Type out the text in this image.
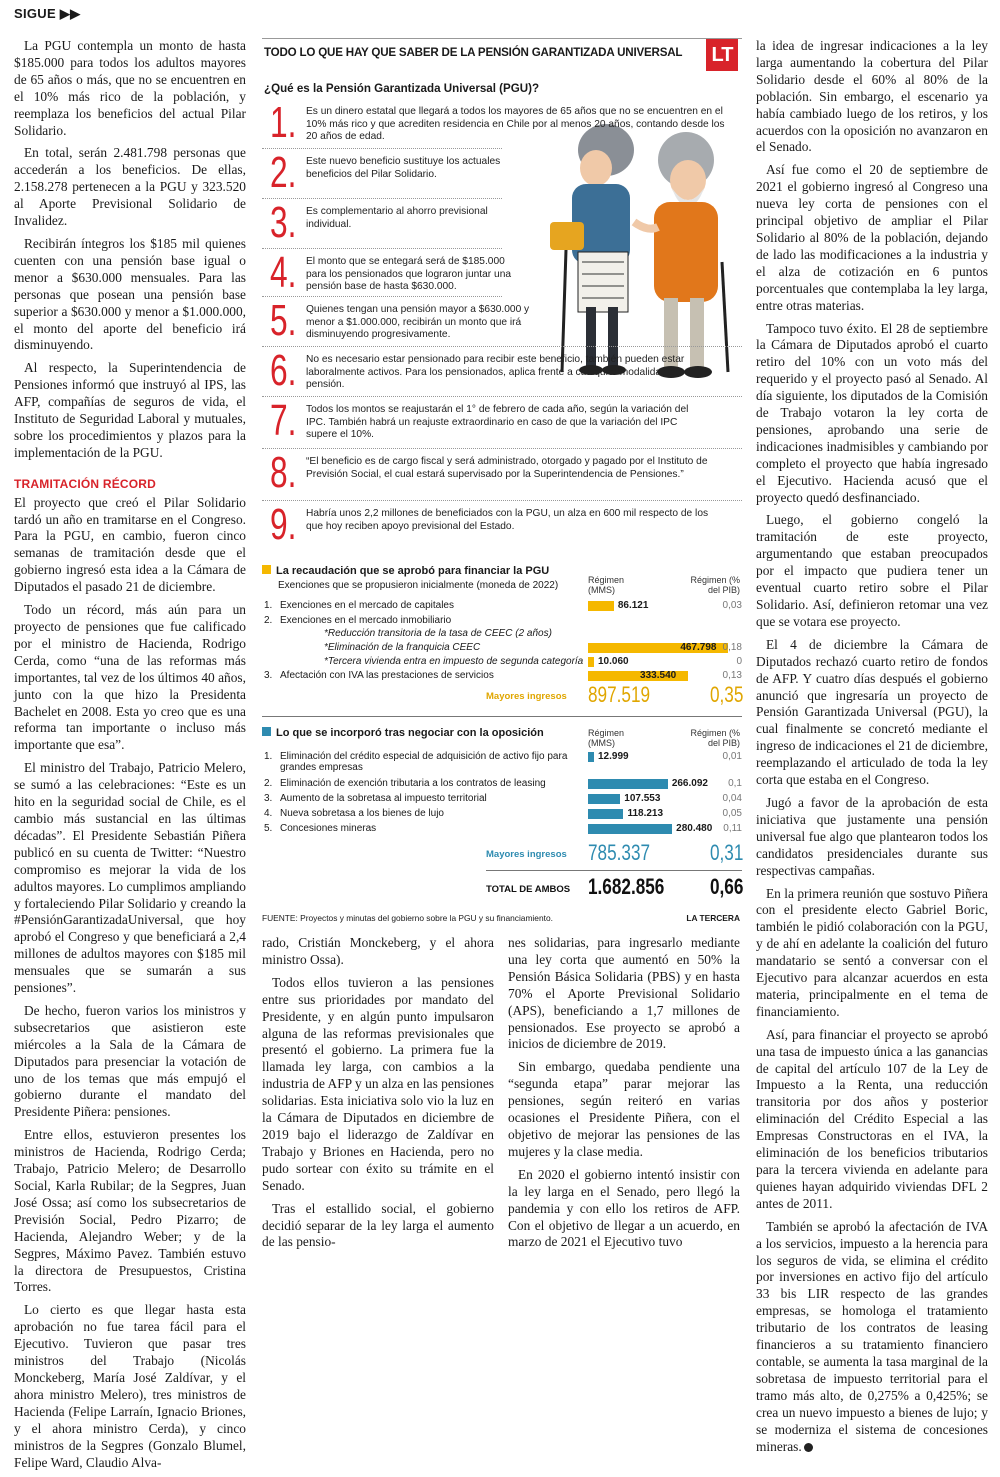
SIGUE ▶▶

La PGU contempla un monto de hasta $185.000 para todos los adultos mayores de 65 años o más, que no se encuentren en el 10% más rico de la población, y reemplaza los beneficios del actual Pilar Solidario.

En total, serán 2.481.798 personas que accederán a los beneficios. De ellas, 2.158.278 pertenecen a la PGU y 323.520 al Aporte Previsional Solidario de Invalidez.

Recibirán íntegros los $185 mil quienes cuenten con una pensión base igual o menor a $630.000 mensuales. Para las personas que posean una pensión base superior a $630.000 y menor a $1.000.000, el monto del aporte del beneficio irá disminuyendo.

Al respecto, la Superintendencia de Pensiones informó que instruyó al IPS, las AFP, compañías de seguros de vida, el Instituto de Seguridad Laboral y mutuales, sobre los procedimientos y plazos para la implementación de la PGU.

TRAMITACIÓN RÉCORD

El proyecto que creó el Pilar Solidario tardó un año en tramitarse en el Congreso. Para la PGU, en cambio, fueron cinco semanas de tramitación desde que el gobierno ingresó esta idea a la Cámara de Diputados el pasado 21 de diciembre.

Todo un récord, más aún para un proyecto de pensiones que fue calificado por el ministro de Hacienda, Rodrigo Cerda, como “una de las reformas más importantes, tal vez de los últimos 40 años, junto con la que hizo la Presidenta Bachelet en 2008. Esta yo creo que es una reforma tan importante o incluso más importante que esa”.

El ministro del Trabajo, Patricio Melero, se sumó a las celebraciones: “Este es un hito en la seguridad social de Chile, es el cambio más sustancial en las últimas décadas”. El Presidente Sebastián Piñera publicó en su cuenta de Twitter: “Nuestro compromiso es mejorar la vida de los adultos mayores. Lo cumplimos ampliando y fortaleciendo Pilar Solidario y creando la #PensiónGarantizadaUniversal, que hoy aprobó el Congreso y que beneficiará a 2,4 millones de adultos mayores con $185 mil mensuales que se sumarán a sus pensiones”.

De hecho, fueron varios los ministros y subsecretarios que asistieron este miércoles a la Sala de la Cámara de Diputados para presenciar la votación de uno de los temas que más empujó el gobierno durante el mandato del Presidente Piñera: pensiones.

Entre ellos, estuvieron presentes los ministros de Hacienda, Rodrigo Cerda; Trabajo, Patricio Melero; de Desarrollo Social, Karla Rubilar; de la Segpres, Juan José Ossa; así como los subsecretarios de Previsión Social, Pedro Pizarro; de Hacienda, Alejandro Weber; y de la Segpres, Máximo Pavez. También estuvo la directora de Presupuestos, Cristina Torres.

Lo cierto es que llegar hasta esta aprobación no fue tarea fácil para el Ejecutivo. Tuvieron que pasar tres ministros del Trabajo (Nicolás Monckeberg, María José Zaldívar, y el ahora ministro Melero), tres ministros de Hacienda (Felipe Larraín, Ignacio Briones, y el ahora ministro Cerda), y cinco ministros de la Segpres (Gonzalo Blumel, Felipe Ward, Claudio Alva-

TODO LO QUE HAY QUE SABER DE LA PENSIÓN GARANTIZADA UNIVERSAL LT
¿Qué es la Pensión Garantizada Universal (PGU)?
1. Es un dinero estatal que llegará a todos los mayores de 65 años que no se encuentren en el 10% más rico y que acrediten residencia en Chile por al menos 20 años, contando desde los 20 años de edad.
2. Este nuevo beneficio sustituye los actuales beneficios del Pilar Solidario.
3. Es complementario al ahorro previsional individual.
4. El monto que se entegará será de $185.000 para los pensionados que lograron juntar una pensión base de hasta $630.000.
5. Quienes tengan una pensión mayor a $630.000 y menor a $1.000.000, recibirán un monto que irá disminuyendo progresivamente.
6. No es necesario estar pensionado para recibir este beneficio, también pueden estar laboralmente activos. Para los pensionados, aplica frente a cualquier modalidad de pensión.
7. Todos los montos se reajustarán el 1° de febrero de cada año, según la variación del IPC. También habrá un reajuste extraordinario en caso de que la variación del IPC supere el 10%.
8. “El beneficio es de cargo fiscal y será administrado, otorgado y pagado por el Instituto de Previsión Social, el cual estará supervisado por la Superintendencia de Pensiones.”
9. Habría unos 2,2 millones de beneficiados con la PGU, un alza en 600 mil respecto de los que hoy reciben apoyo previsional del Estado.
La recaudación que se aprobó para financiar la PGU
Exenciones que se propusieron inicialmente (moneda de 2022)	Régimen (MMS)
Régimen (% del PIB)
1. Exenciones en el mercado de capitales	86.121	0,03
2. Exenciones en el mercado inmobiliario
*Reducción transitoria de la tasa de CEEC (2 años)
*Eliminación de la franquicia CEEC	467.798 0,18
*Tercera vivienda entra en impuesto de segunda categoría 10.060	0
3. Afectación con IVA las prestaciones de servicios	333.540	0,13
Mayores ingresos 897.519	0,35
Lo que se incorporó tras negociar con la oposición	Régimen (MMS)
Régimen (% del PIB)
1. Eliminación del crédito especial de adquisición de activo fijo para grandes empresas
12.999	0,01
2. Eliminación de exención tributaria a los contratos de leasing	266.092	0,1
3. Aumento de la sobretasa al impuesto territorial	107.553	0,04
4. Nueva sobretasa a los bienes de lujo	118.213	0,05
5. Concesiones mineras	280.480	0,11
Mayores ingresos 785.337	0,31
TOTAL DE AMBOS 1.682.856 0,66
FUENTE: Proyectos y minutas del gobierno sobre la PGU y su financiamiento.	LA TERCERA

rado, Cristián Monckeberg, y el ahora ministro Ossa).

Todos ellos tuvieron a las pensiones entre sus prioridades por mandato del Presidente, y en algún punto impulsaron alguna de las reformas previsionales que presentó el gobierno. La primera fue la llamada ley larga, con cambios a la industria de AFP y un alza en las pensiones solidarias. Esta iniciativa solo vio la luz en la Cámara de Diputados en diciembre de 2019 bajo el liderazgo de Zaldívar en Trabajo y Briones en Hacienda, pero no pudo sortear con éxito su trámite en el Senado.

Tras el estallido social, el gobierno decidió separar de la ley larga el aumento de las pensio-

nes solidarias, para ingresarlo mediante una ley corta que aumentó en 50% la Pensión Básica Solidaria (PBS) y en hasta 70% el Aporte Previsional Solidario (APS), beneficiando a 1,7 millones de pensionados. Ese proyecto se aprobó a inicios de diciembre de 2019.

Sin embargo, quedaba pendiente una “segunda etapa” parar mejorar las pensiones, según reiteró en varias ocasiones el Presidente Piñera, con el objetivo de mejorar las pensiones de las mujeres y la clase media.

En 2020 el gobierno intentó insistir con la ley larga en el Senado, pero llegó la pandemia y con ello los retiros de AFP. Con el objetivo de llegar a un acuerdo, en marzo de 2021 el Ejecutivo tuvo

la idea de ingresar indicaciones a la ley larga aumentando la cobertura del Pilar Solidario desde el 60% al 80% de la población. Sin embargo, el escenario ya había cambiado luego de los retiros, y los acuerdos con la oposición no avanzaron en el Senado.

Así fue como el 20 de septiembre de 2021 el gobierno ingresó al Congreso una nueva ley corta de pensiones con el principal objetivo de ampliar el Pilar Solidario al 80% de la población, dejando de lado las modificaciones a la industria y el alza de cotización en 6 puntos porcentuales que contemplaba la ley larga, entre otras materias.

Tampoco tuvo éxito. El 28 de septiembre la Cámara de Diputados aprobó el cuarto retiro del 10% con un voto más del requerido y el proyecto pasó al Senado. Al día siguiente, los diputados de la Comisión de Trabajo votaron la ley corta de pensiones, aprobando una serie de indicaciones inadmisibles y cambiando por completo el proyecto que había ingresado el Ejecutivo. Hacienda acusó que el proyecto quedó desfinanciado.

Luego, el gobierno congeló la tramitación de este proyecto, argumentando que estaban preocupados por el impacto que pudiera tener un eventual cuarto retiro sobre el Pilar Solidario. Así, definieron retomar una vez que se votara ese proyecto.

El 4 de diciembre la Cámara de Diputados rechazó cuarto retiro de fondos de AFP. Y cuatro días después el gobierno anunció que ingresaría un proyecto de Pensión Garantizada Universal (PGU), la cual finalmente se concretó mediante el ingreso de indicaciones el 21 de diciembre, reemplazando el articulado de toda la ley corta que estaba en el Congreso.

Jugó a favor de la aprobación de esta iniciativa que justamente una pensión universal fue algo que plantearon todos los candidatos presidenciales durante sus respectivas campañas.

En la primera reunión que sostuvo Piñera con el presidente electo Gabriel Boric, también le pidió colaboración con la PGU, y de ahí en adelante la coalición del futuro mandatario se sentó a conversar con el Ejecutivo para alcanzar acuerdos en esta materia, principalmente en el tema de financiamiento.

Así, para financiar el proyecto se aprobó una tasa de impuesto única a las ganancias de capital del artículo 107 de la Ley de Impuesto a la Renta, una reducción transitoria por dos años y posterior eliminación del Crédito Especial a las Empresas Constructoras en el IVA, la eliminación de los beneficios tributarios para la tercera vivienda en adelante para quienes hayan adquirido viviendas DFL 2 antes de 2011.

También se aprobó la afectación de IVA a los servicios, impuesto a la herencia para los seguros de vida, se elimina el crédito por inversiones en activo fijo del artículo 33 bis LIR respecto de las grandes empresas, se homologa el tratamiento tributario de los contratos de leasing financieros a su tratamiento financiero contable, se aumenta la tasa marginal de la sobretasa de impuesto territorial para el tramo más alto, de 0,275% a 0,425%; se crea un nuevo impuesto a bienes de lujo; y se moderniza el sistema de concesiones mineras.
